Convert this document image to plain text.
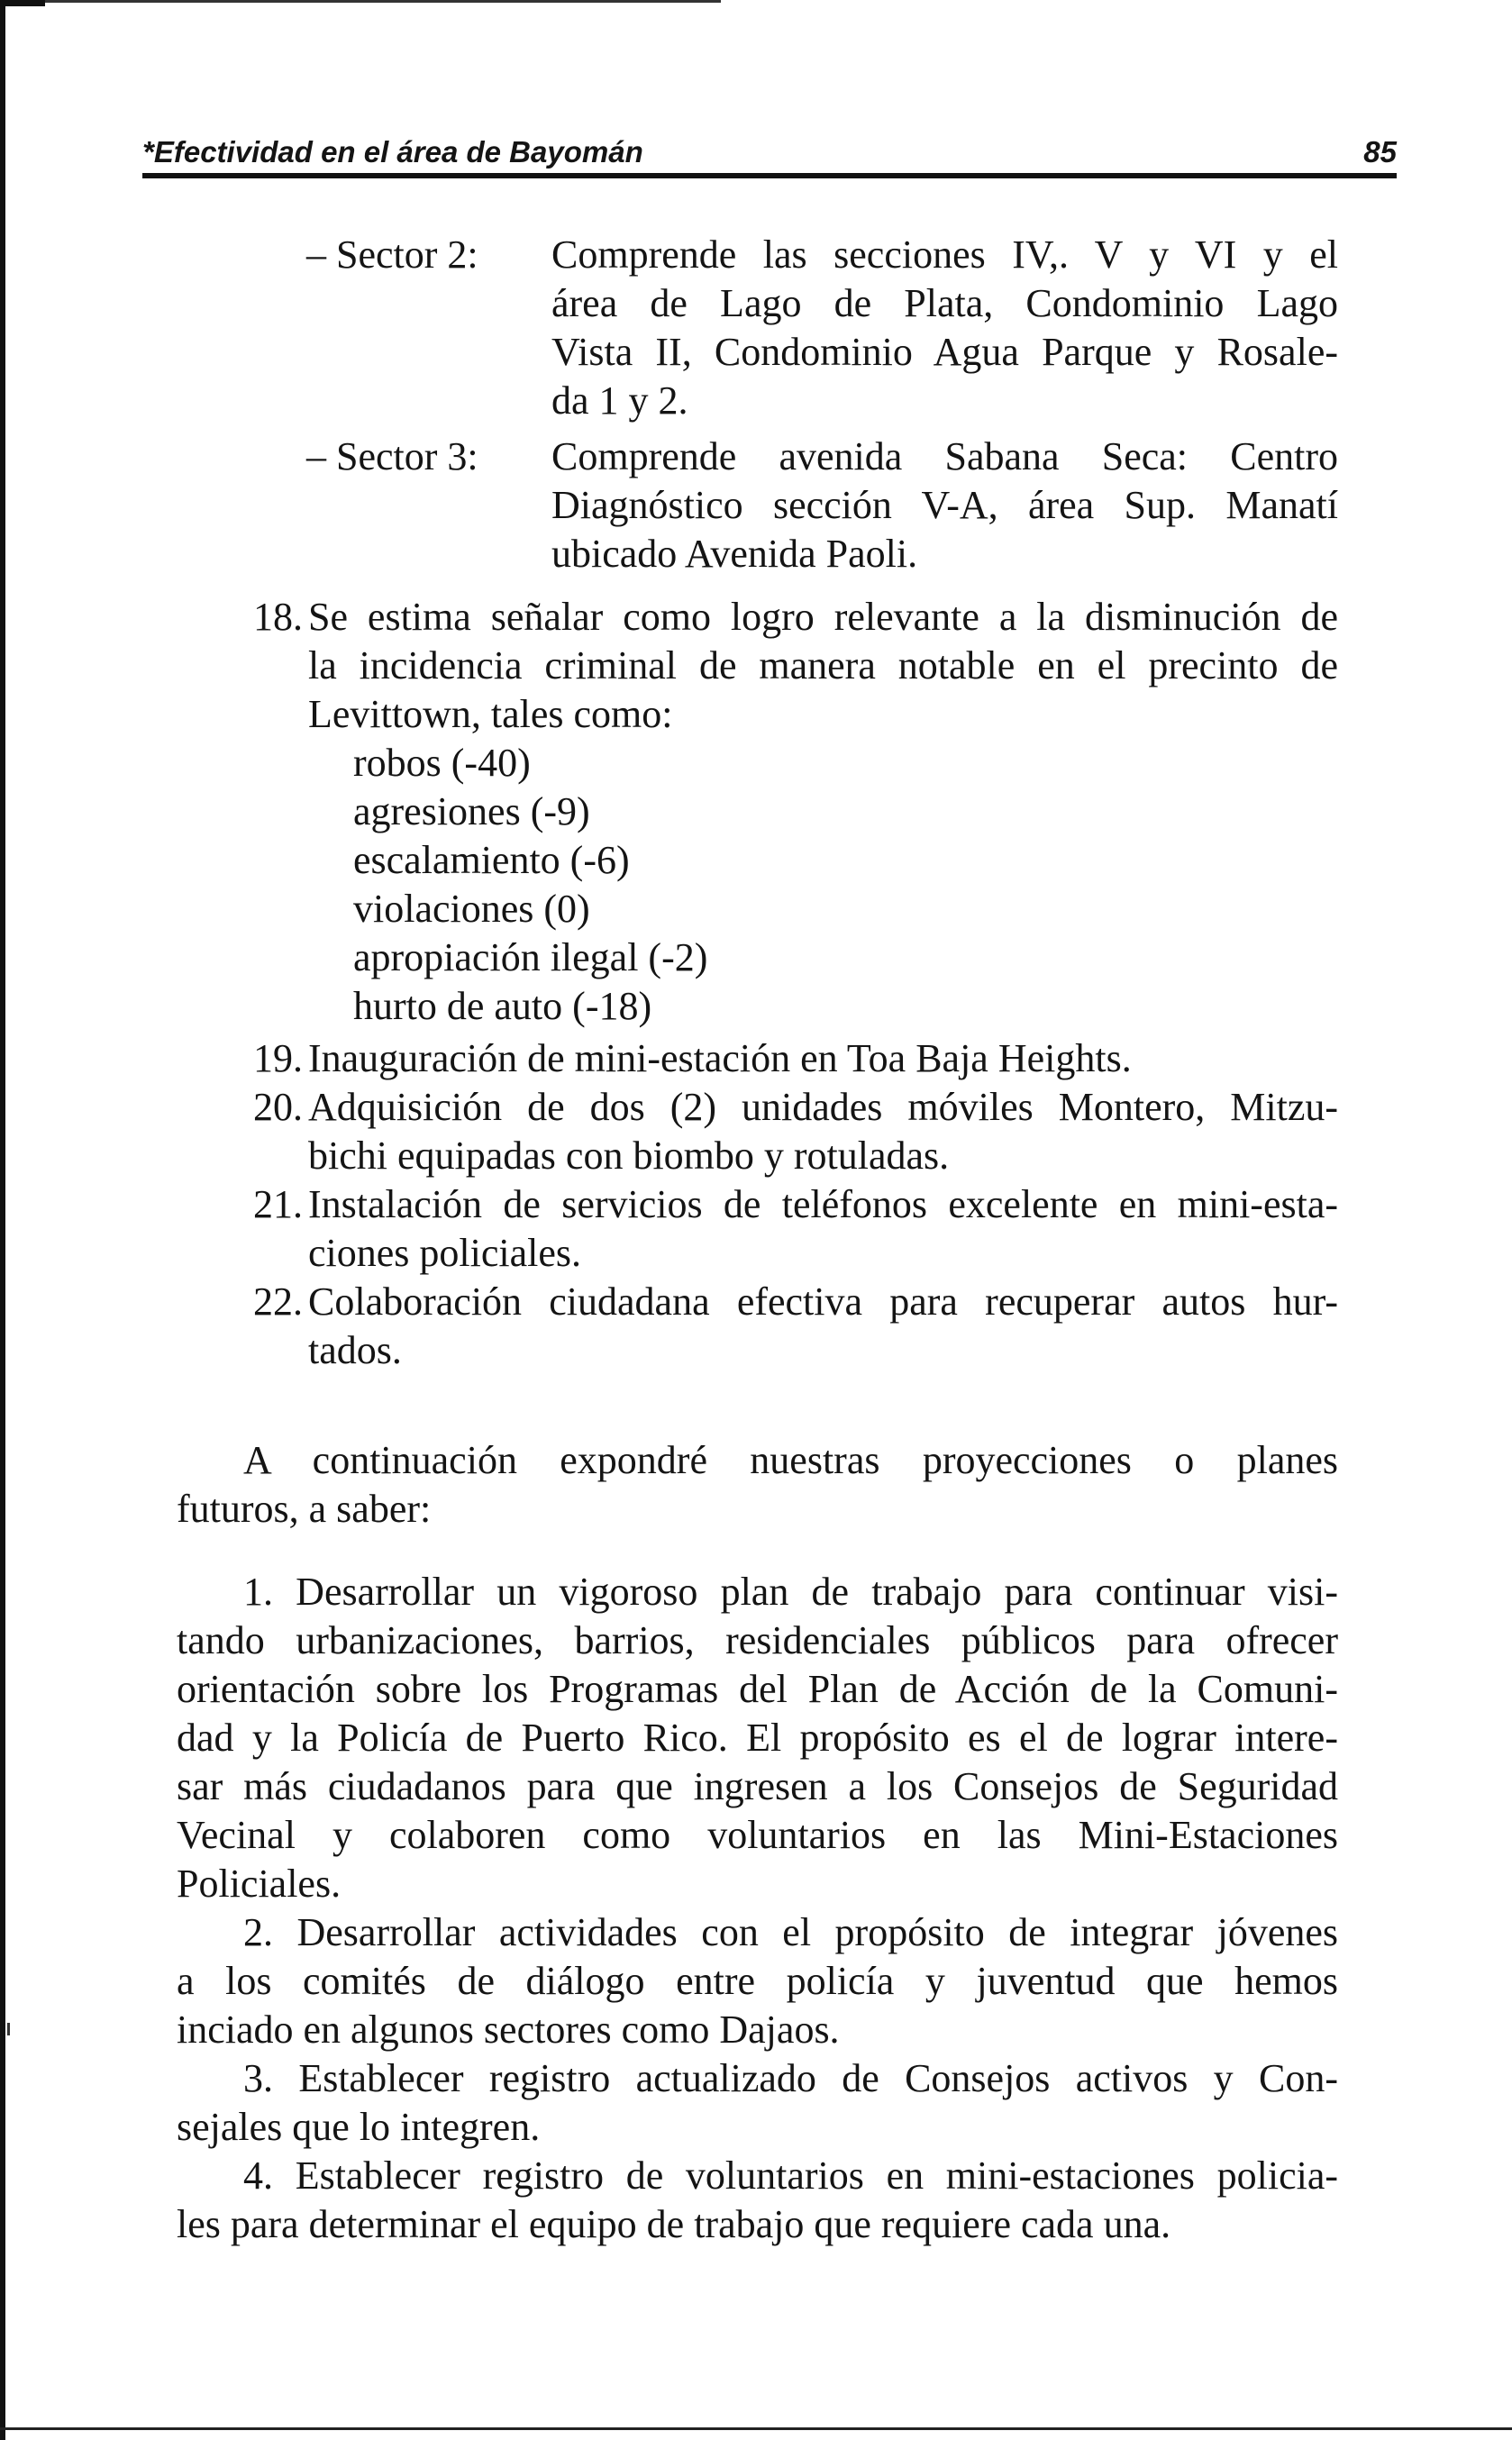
*Efectividad en el área de Bayomán	85
– Sector 2: Comprende las secciones IV,. V y VI y el
área de Lago de Plata, Condominio Lago
Vista II, Condominio Agua Parque y Rosale-
da 1 y 2.
– Sector 3: Comprende avenida Sabana Seca: Centro
Diagnóstico sección V-A, área Sup. Manatí
ubicado Avenida Paoli.
18. Se estima señalar como logro relevante a la disminución de
la incidencia criminal de manera notable en el precinto de
Levittown, tales como:
robos (-40)
agresiones (-9)
escalamiento (-6)
violaciones (0)
apropiación ilegal (-2)
hurto de auto (-18)
19. Inauguración de mini-estación en Toa Baja Heights.
20. Adquisición de dos (2) unidades móviles Montero, Mitzu-
bichi equipadas con biombo y rotuladas.
21. Instalación de servicios de teléfonos excelente en mini-esta-
ciones policiales.
22. Colaboración ciudadana efectiva para recuperar autos hur-
tados.
A continuación expondré nuestras proyecciones o planes
futuros, a saber:
1. Desarrollar un vigoroso plan de trabajo para continuar visi-
tando urbanizaciones, barrios, residenciales públicos para ofrecer
orientación sobre los Programas del Plan de Acción de la Comuni-
dad y la Policía de Puerto Rico. El propósito es el de lograr intere-
sar más ciudadanos para que ingresen a los Consejos de Seguridad
Vecinal y colaboren como voluntarios en las Mini-Estaciones
Policiales.
2. Desarrollar actividades con el propósito de integrar jóvenes
a los comités de diálogo entre policía y juventud que hemos
inciado en algunos sectores como Dajaos.
3. Establecer registro actualizado de Consejos activos y Con-
sejales que lo integren.
4. Establecer registro de voluntarios en mini-estaciones policia-
les para determinar el equipo de trabajo que requiere cada una.
